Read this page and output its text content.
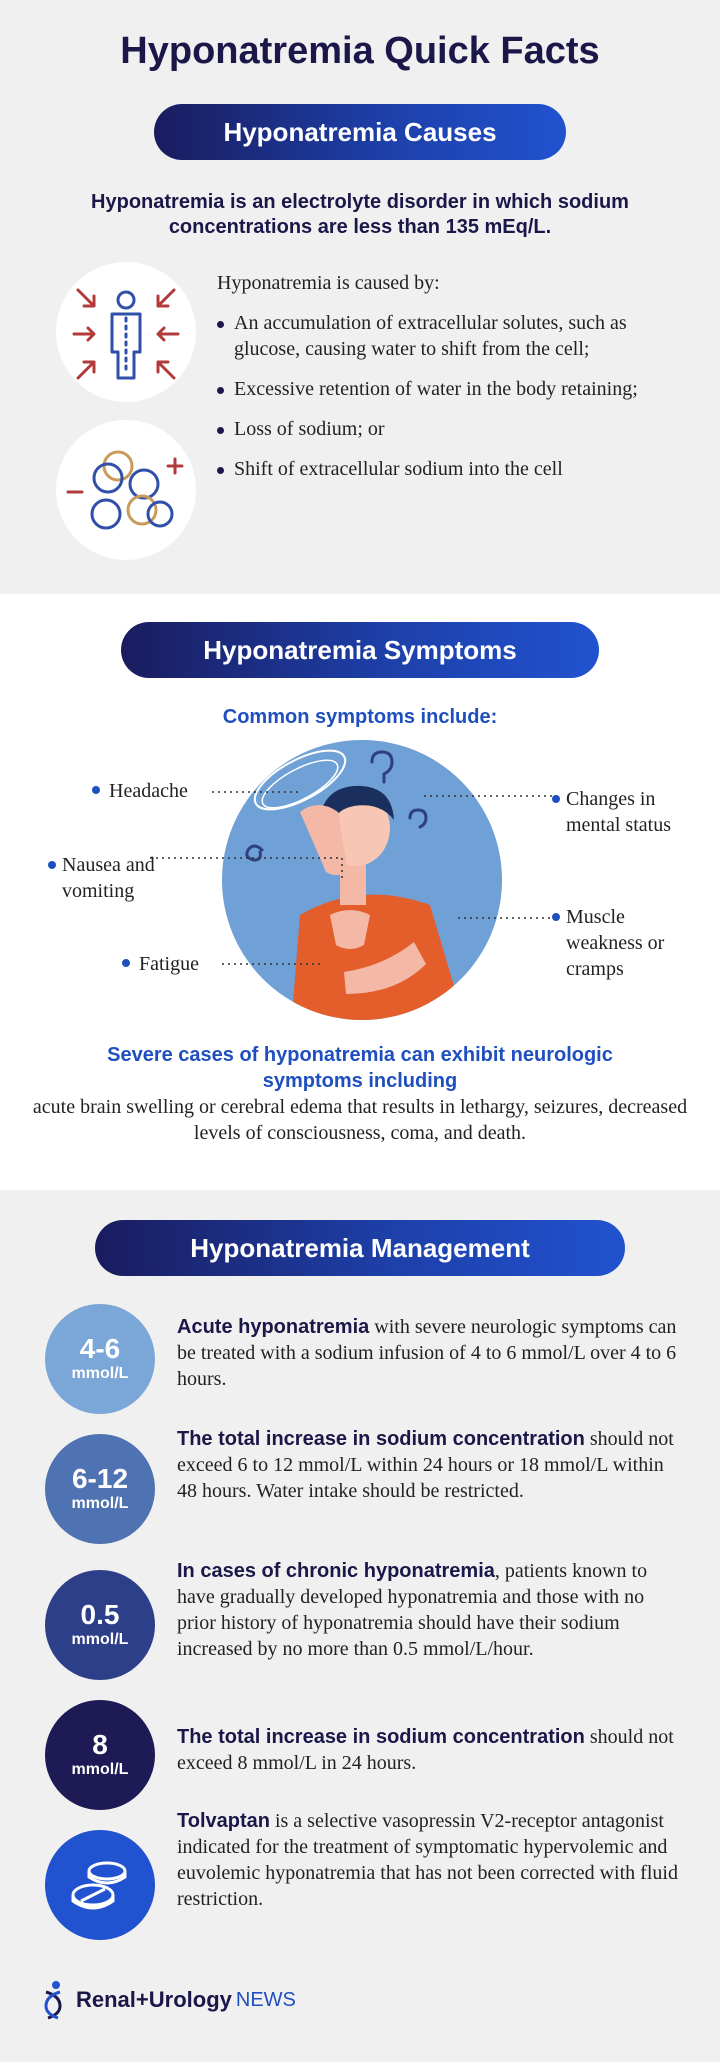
Hyponatremia Quick Facts
Hyponatremia Causes
Hyponatremia is an electrolyte disorder in which sodium concentrations are less than 135 mEq/L.
Hyponatremia is caused by:
An accumulation of extracellular solutes, such as glucose, causing water to shift from the cell;
Excessive retention of water in the body retaining;
Loss of sodium; or
Shift of extracellular sodium into the cell
Hyponatremia Symptoms
Common symptoms include:
Headache
Nausea and vomiting
Fatigue
Changes in mental status
Muscle weakness or cramps
Severe cases of hyponatremia can exhibit neurologic symptoms including
acute brain swelling or cerebral edema that results in lethargy, seizures, decreased levels of consciousness, coma, and death.
Hyponatremia Management
4-6
mmol/L
Acute hyponatremia with severe neurologic symptoms can be treated with a sodium infusion of 4 to 6 mmol/L over 4 to 6 hours.
6-12
mmol/L
The total increase in sodium concentration should not exceed 6 to 12 mmol/L within 24 hours or 18 mmol/L within 48 hours. Water intake should be restricted.
0.5
mmol/L
In cases of chronic hyponatremia, patients known to have gradually developed hyponatremia and those with no prior history of hyponatremia should have their sodium increased by no more than 0.5 mmol/L/hour.
8
mmol/L
The total increase in sodium concentration should not exceed 8 mmol/L in 24 hours.
Tolvaptan is a selective vasopressin V2-receptor antagonist indicated for the treatment of symptomatic hypervolemic and euvolemic hyponatremia that has not been corrected with fluid restriction.
Renal+Urology NEWS
